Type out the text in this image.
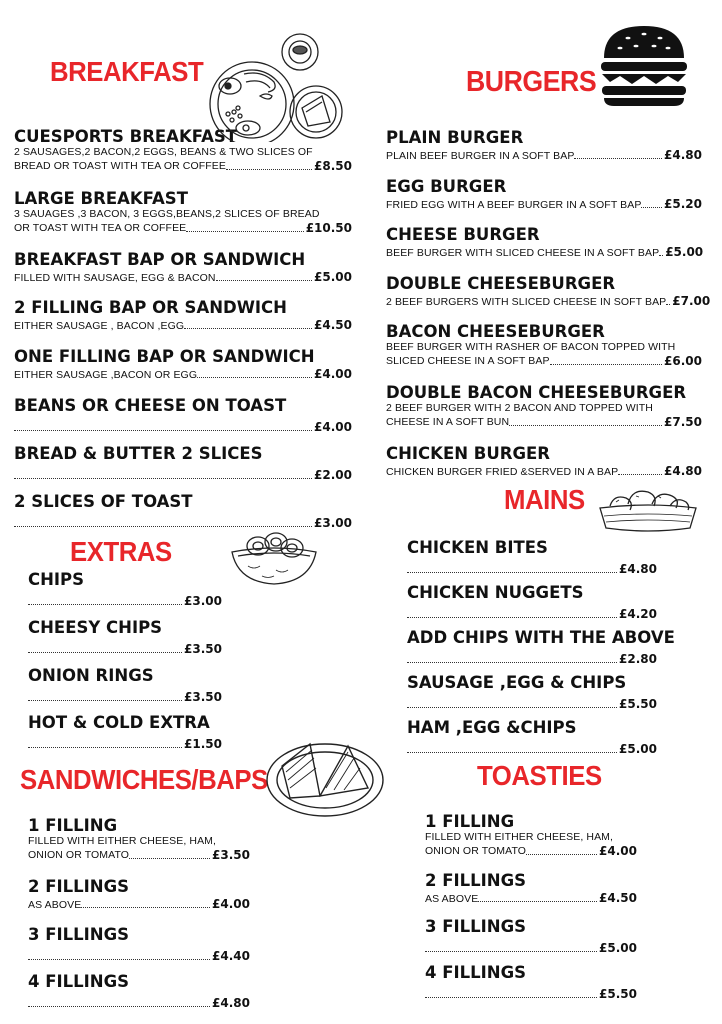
BREAKFAST	BURGERS
EXTRAS
MAINS
SANDWICHES/BAPS	TOASTIES
CUESPORTS BREAKFAST
2 SAUSAGES,2 BACON,2 EGGS, BEANS & TWO SLICES OF
BREAD OR TOAST WITH TEA OR COFFEE	£8.50
LARGE BREAKFAST
3 SAUAGES ,3 BACON, 3 EGGS,BEANS,2 SLICES OF BREAD
OR TOAST WITH TEA OR COFFEE	£10.50
BREAKFAST BAP OR SANDWICH
FILLED WITH SAUSAGE, EGG & BACON	£5.00
2 FILLING BAP OR SANDWICH
EITHER SAUSAGE , BACON ,EGG	£4.50
ONE FILLING BAP OR SANDWICH
EITHER SAUSAGE ,BACON OR EGG	£4.00
BEANS OR CHEESE ON TOAST
£4.00
BREAD & BUTTER 2 SLICES
£2.00
2 SLICES OF TOAST
£3.00
CHIPS
£3.00
CHEESY CHIPS
£3.50
ONION RINGS
£3.50
HOT & COLD EXTRA
£1.50
1 FILLING
FILLED WITH EITHER CHEESE, HAM,
ONION OR TOMATO	£3.50
2 FILLINGS
AS ABOVE	£4.00
3 FILLINGS
£4.40
4 FILLINGS
£4.80
PLAIN BURGER
PLAIN BEEF BURGER IN A SOFT BAP	£4.80
EGG BURGER
FRIED EGG WITH A BEEF BURGER IN A SOFT BAP £5.20
CHEESE BURGER
BEEF BURGER WITH SLICED CHEESE IN A SOFT BAP £5.00
DOUBLE CHEESEBURGER
2 BEEF BURGERS WITH SLICED CHEESE IN SOFT BAP £7.00
BACON CHEESEBURGER
BEEF BURGER WITH RASHER OF BACON TOPPED WITH
SLICED CHEESE IN A SOFT BAP	£6.00
DOUBLE BACON CHEESEBURGER
2 BEEF BURGER WITH 2 BACON AND TOPPED WITH
CHEESE IN A SOFT BUN	£7.50
CHICKEN BURGER
CHICKEN BURGER FRIED &SERVED IN A BAP	£4.80
CHICKEN BITES
£4.80
CHICKEN NUGGETS
£4.20
ADD CHIPS WITH THE ABOVE
£2.80
SAUSAGE ,EGG & CHIPS
£5.50
HAM ,EGG &CHIPS
£5.00
1 FILLING
FILLED WITH EITHER CHEESE, HAM,
ONION OR TOMATO	£4.00
2 FILLINGS
AS ABOVE	£4.50
3 FILLINGS
£5.00
4 FILLINGS
£5.50
